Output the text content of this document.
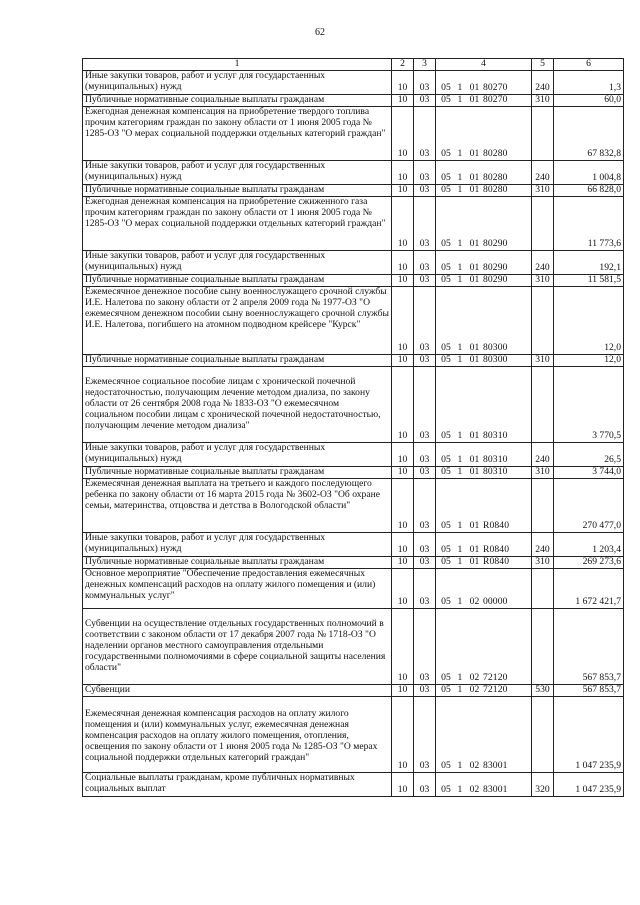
62
1	2	3	4	5	6
Иные закупки товаров, работ и услуг для государстаенных (муниципальных) нужд	10	03	05 1 01 80270	240	1,3
Публичные нормативные социальные выплаты гражданам	10	03	05 1 01 80270	310	60,0
Ежегодная денежная компенсация на приобретение твердого топлива прочим категориям граждан по закону области от 1 июня 2005 года № 1285-ОЗ "О мерах социальной поддержки отдельных категорий граждан"	10	03	05 1 01 80280		67 832,8
Иные закупки товаров, работ и услуг для государственных (муниципальных) нужд	10	03	05 1 01 80280	240	1 004,8
Публичные нормативные социальные выплаты гражданам	10	03	05 1 01 80280	310	66 828,0
Ежегодная денежная компенсация на приобретение сжиженного газа прочим категориям граждан по закону области от 1 июня 2005 года № 1285-ОЗ "О мерах социальной поддержки отдельных категорий граждан"	10	03	05 1 01 80290		11 773,6
Иные закупки товаров, работ и услуг для государственных (муниципальных) нужд	10	03	05 1 01 80290	240	192,1
Публичные нормативные социальные выплаты гражданам	10	03	05 1 01 80290	310	11 581,5
Ежемесячное денежное пособие сыну военнослужащего срочной службы И.Е. Налетова по закону области от 2 апреля 2009 года № 1977-ОЗ "О ежемесячном денежном пособии сыну военнослужащего срочной службы И.Е. Налетова, погибшего на атомном подводном крейсере "Курск"	10	03	05 1 01 80300		12,0
Публичные нормативные социальные выплаты гражданам	10	03	05 1 01 80300	310	12,0
Ежемесячное социальное пособие лицам с хронической почечной недостаточностью, получающим лечение методом диализа, по закону области от 26 сентября 2008 года № 1833-ОЗ "О ежемесячном социальном пособии лицам с хронической почечной недостаточностью, получающим лечение методом диализа"	10	03	05 1 01 80310		3 770,5
Иные закупки товаров, работ и услуг для государственных (муниципальных) нужд	10	03	05 1 01 80310	240	26,5
Публичные нормативные социальные выплаты гражданам	10	03	05 1 01 80310	310	3 744,0
Ежемесячная денежная выплата на третьего и каждого последующего ребенка по закону области от 16 марта 2015 года № 3602-ОЗ "Об охране семьи, материнства, отцовства и детства в Вологодской области"	10	03	05 1 01 R0840		270 477,0
Иные закупки товаров, работ и услуг для государственных (муниципальных) нужд	10	03	05 1 01 R0840	240	1 203,4
Публичные нормативные социальные выплаты гражданам	10	03	05 1 01 R0840	310	269 273,6
Основное мероприятие "Обеспечение предоставления ежемесячных денежных компенсаций расходов на оплату жилого помещения и (или) коммунальных услуг"	10	03	05 1 02 00000		1 672 421,7
Субвенции на осуществление отдельных государственных полномочий в соответствии с законом области от 17 декабря 2007 года № 1718-ОЗ "О наделении органов местного самоуправления отдельными государственными полномочиями в сфере социальной защиты населения области"	10	03	05 1 02 72120		567 853,7
Субвенции	10	03	05 1 02 72120	530	567 853,7
Ежемесячная денежная компенсация расходов на оплату жилого помещения и (или) коммунальных услуг, ежемесячная денежная компенсация расходов на оплату жилого помещения, отопления, освещения по закону области от 1 июня 2005 года № 1285-ОЗ "О мерах социальной поддержки отдельных категорий граждан"	10	03	05 1 02 83001		1 047 235,9
Социальные выплаты гражданам, кроме публичных нормативных социальных выплат	10	03	05 1 02 83001	320	1 047 235,9
